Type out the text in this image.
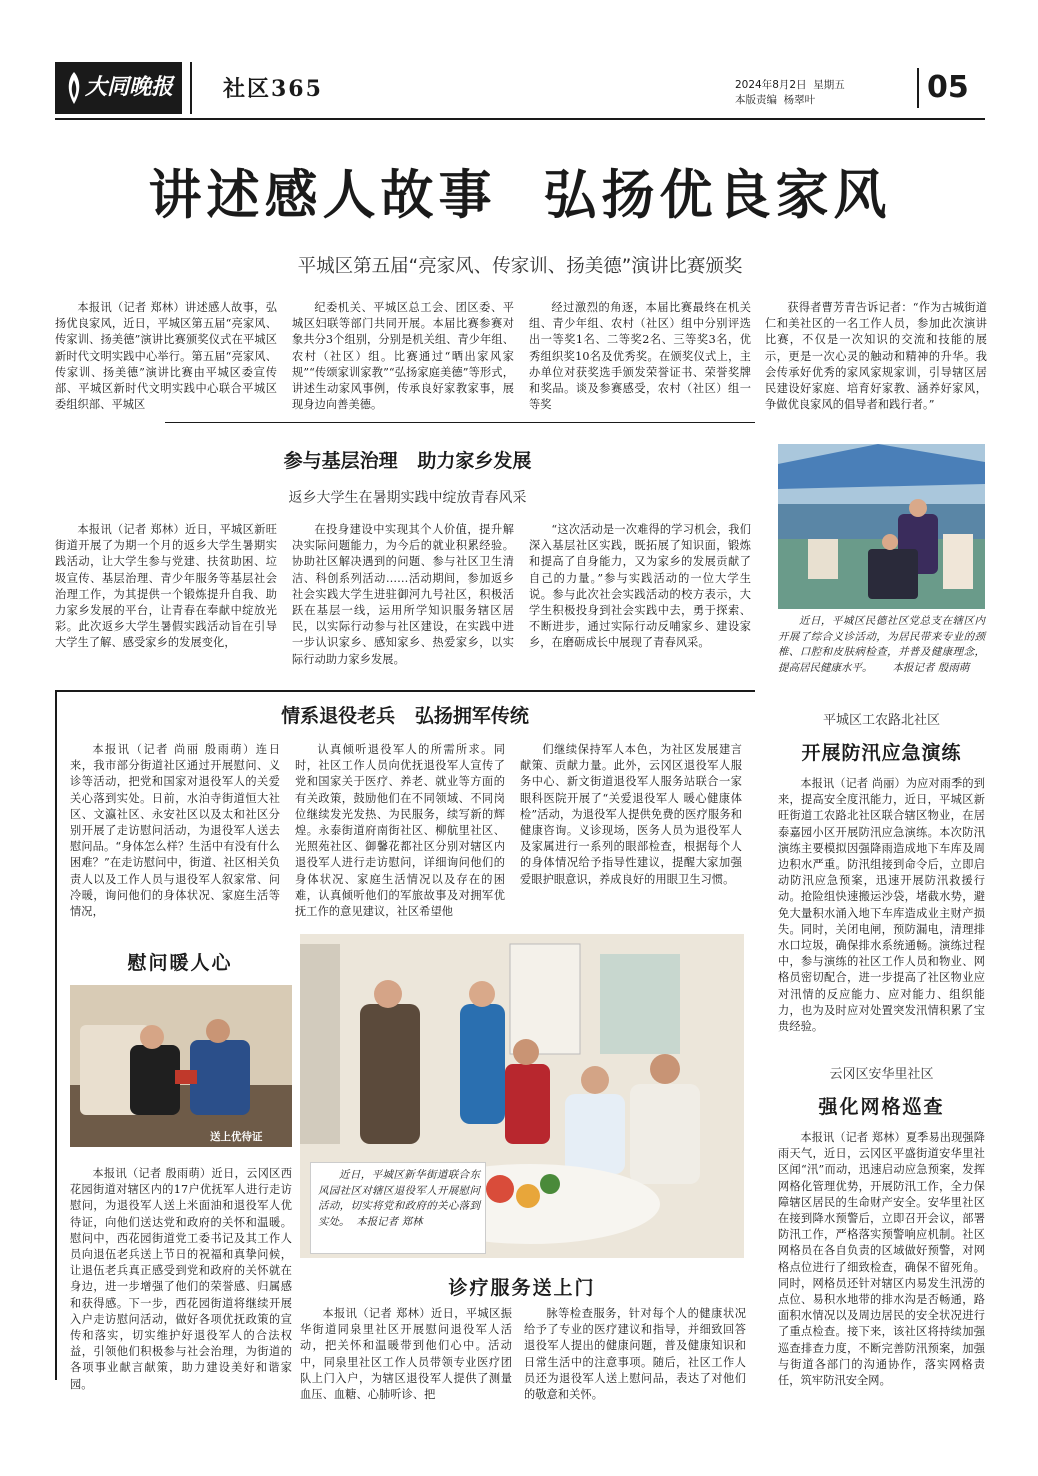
大同晚报	社区365	2024年8月2日  星期五
本版责编  杨翠叶	05
讲述感人故事  弘扬优良家风
平城区第五届“亮家风、传家训、扬美德”演讲比赛颁奖
本报讯（记者 郑林）讲述感人故事，弘扬优良家风，近日，平城区第五届“亮家风、传家训、扬美德”演讲比赛颁奖仪式在平城区新时代文明实践中心举行。第五届“亮家风、传家训、扬美德”演讲比赛由平城区委宣传部、平城区新时代文明实践中心联合平城区委组织部、平城区
纪委机关、平城区总工会、团区委、平城区妇联等部门共同开展。本届比赛参赛对象共分3个组别，分别是机关组、青少年组、农村（社区）组。比赛通过“晒出家风家规”“传颂家训家教”“弘扬家庭美德”等形式，讲述生动家风事例，传承良好家教家事，展现身边向善美德。
经过激烈的角逐，本届比赛最终在机关组、青少年组、农村（社区）组中分别评选出一等奖1名、二等奖2名、三等奖3名，优秀组织奖10名及优秀奖。在颁奖仪式上，主办单位对获奖选手颁发荣誉证书、荣誉奖牌和奖品。谈及参赛感受，农村（社区）组一等奖
获得者曹芳青告诉记者：“作为古城街道仁和美社区的一名工作人员，参加此次演讲比赛，不仅是一次知识的交流和技能的展示，更是一次心灵的触动和精神的升华。我会传承好优秀的家风家规家训，引导辖区居民建设好家庭、培育好家教、涵养好家风，争做优良家风的倡导者和践行者。”
参与基层治理   助力家乡发展
返乡大学生在暑期实践中绽放青春风采
本报讯（记者 郑林）近日，平城区新旺街道开展了为期一个月的返乡大学生暑期实践活动，让大学生参与党建、扶贫助困、垃圾宣传、基层治理、青少年服务等基层社会治理工作，为其提供一个锻炼提升自我、助力家乡发展的平台，让青春在奉献中绽放光彩。此次返乡大学生暑假实践活动旨在引导大学生了解、感受家乡的发展变化，
在投身建设中实现其个人价值，提升解决实际问题能力，为今后的就业积累经验。协助社区解决遇到的问题、参与社区卫生清洁、科创系列活动……活动期间，参加返乡社会实践大学生进驻御河九号社区，积极活跃在基层一线，运用所学知识服务辖区居民，以实际行动参与社区建设，在实践中进一步认识家乡、感知家乡、热爱家乡，以实际行动助力家乡发展。
“这次活动是一次难得的学习机会，我们深入基层社区实践，既拓展了知识面，锻炼和提高了自身能力，又为家乡的发展贡献了自己的力量。”参与实践活动的一位大学生说。参与此次社会实践活动的校方表示，大学生积极投身到社会实践中去，勇于探索、不断进步，通过实际行动反哺家乡、建设家乡，在磨砺成长中展现了青春风采。
近日，平城区民德社区党总支在辖区内开展了综合义诊活动，为居民带来专业的颈椎、口腔和皮肤病检查，并普及健康理念，提高居民健康水平。      本报记者 殷雨萌
情系退役老兵   弘扬拥军传统
本报讯（记者 尚丽 殷雨萌）连日来，我市部分街道社区通过开展慰问、义诊等活动，把党和国家对退役军人的关爱关心落到实处。日前，水泊寺街道恒大社区、文瀛社区、永安社区以及太和社区分别开展了走访慰问活动，为退役军人送去慰问品。“身体怎么样？生活中有没有什么困难？”在走访慰问中，街道、社区相关负责人以及工作人员与退役军人叙家常、问冷暖，询问他们的身体状况、家庭生活等情况，
认真倾听退役军人的所需所求。同时，社区工作人员向优抚退役军人宣传了党和国家关于医疗、养老、就业等方面的有关政策，鼓励他们在不同领域、不同岗位继续发光发热、为民服务，续写新的辉煌。永泰街道府南街社区、柳航里社区、光照苑社区、御馨花都社区分别对辖区内退役军人进行走访慰问，详细询问他们的身体状况、家庭生活情况以及存在的困难，认真倾听他们的军旅故事及对拥军优抚工作的意见建议，社区希望他
们继续保持军人本色，为社区发展建言献策、贡献力量。此外，云冈区退役军人服务中心、新文街道退役军人服务站联合一家眼科医院开展了“关爱退役军人 暖心健康体检”活动，为退役军人提供免费的医疗服务和健康咨询。义诊现场，医务人员为退役军人及家属进行一系列的眼部检查，根据每个人的身体情况给予指导性建议，提醒大家加强爱眼护眼意识，养成良好的用眼卫生习惯。
慰问暖人心
送上优待证
本报讯（记者 殷雨萌）近日，云冈区西花园街道对辖区内的17户优抚军人进行走访慰问，为退役军人送上米面油和退役军人优待证，向他们送达党和政府的关怀和温暖。慰问中，西花园街道党工委书记及其工作人员向退伍老兵送上节日的祝福和真挚问候，让退伍老兵真正感受到党和政府的关怀就在身边，进一步增强了他们的荣誉感、归属感和获得感。下一步，西花园街道将继续开展入户走访慰问活动，做好各项优抚政策的宣传和落实，切实维护好退役军人的合法权益，引领他们积极参与社会治理，为街道的各项事业献言献策，助力建设美好和谐家园。
近日，平城区新华街道联合东风园社区对辖区退役军人开展慰问活动，切实将党和政府的关心落到实处。  本报记者 郑林
诊疗服务送上门
本报讯（记者 郑林）近日，平城区振华街道同泉里社区开展慰问退役军人活动，把关怀和温暖带到他们心中。活动中，同泉里社区工作人员带领专业医疗团队上门入户，为辖区退役军人提供了测量血压、血糖、心肺听诊、把
脉等检查服务，针对每个人的健康状况给予了专业的医疗建议和指导，并细致回答退役军人提出的健康问题，普及健康知识和日常生活中的注意事项。随后，社区工作人员还为退役军人送上慰问品，表达了对他们的敬意和关怀。
平城区工农路北社区
开展防汛应急演练
本报讯（记者 尚丽）为应对雨季的到来，提高安全度汛能力，近日，平城区新旺街道工农路北社区联合辖区物业，在居泰嘉园小区开展防汛应急演练。本次防汛演练主要模拟因强降雨造成地下车库及周边积水严重。防汛组接到命令后，立即启动防汛应急预案，迅速开展防汛救援行动。抢险组快速搬运沙袋，堵截水势，避免大量积水涌入地下车库造成业主财产损失。同时，关闭电闸，预防漏电，清理排水口垃圾，确保排水系统通畅。演练过程中，参与演练的社区工作人员和物业、网格员密切配合，进一步提高了社区物业应对汛情的反应能力、应对能力、组织能力，也为及时应对处置突发汛情积累了宝贵经验。
云冈区安华里社区
强化网格巡查
本报讯（记者 郑林）夏季易出现强降雨天气，近日，云冈区平盛街道安华里社区闻“汛”而动，迅速启动应急预案，发挥网格化管理优势，开展防汛工作，全力保障辖区居民的生命财产安全。安华里社区在接到降水预警后，立即召开会议，部署防汛工作，严格落实预警响应机制。社区网格员在各自负责的区域做好预警，对网格点位进行了细致检查，确保不留死角。同时，网格员还针对辖区内易发生汛涝的点位、易积水地带的排水沟是否畅通，路面积水情况以及周边居民的安全状况进行了重点检查。接下来，该社区将持续加强巡查排查力度，不断完善防汛预案，加强与街道各部门的沟通协作，落实网格责任，筑牢防汛安全网。
